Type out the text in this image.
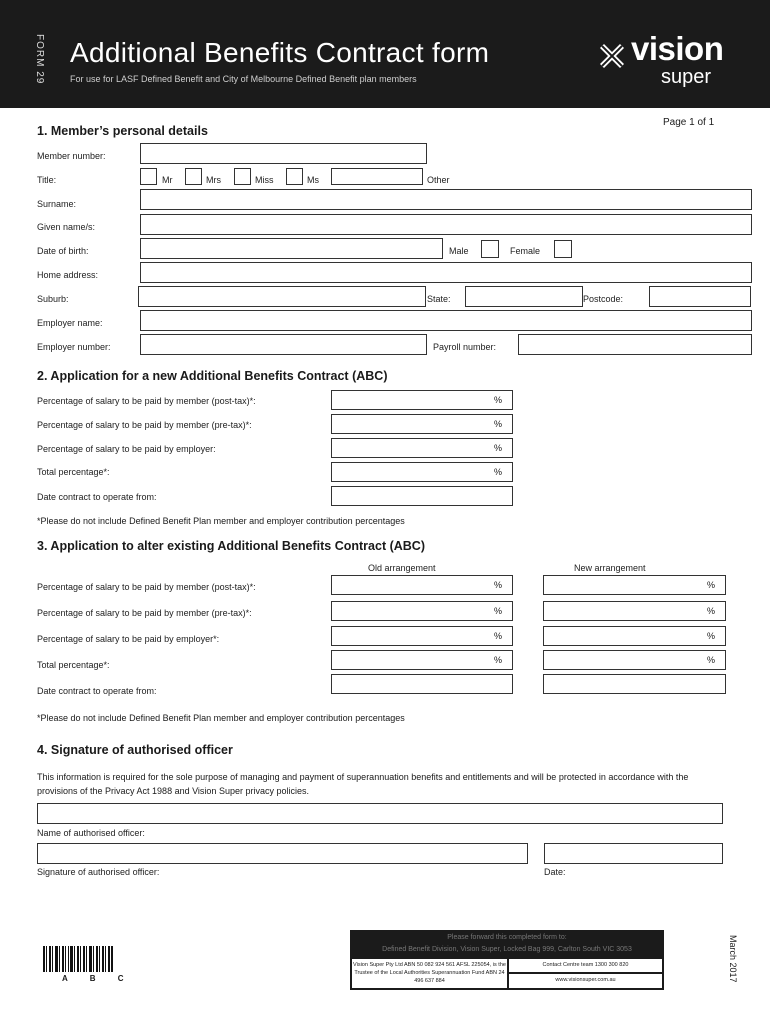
FORM 29 Additional Benefits Contract form
For use for LASF Defined Benefit and City of Melbourne Defined Benefit plan members
vision
super
Page 1 of 1
1. Member’s personal details
Member number:
Title:	Mr	Mrs	Miss	Ms	Other
Surname:
Given name/s:
Date of birth:	Male	Female
Home address:
Suburb:	State:	Postcode:
Employer name:
Employer number:	Payroll number:
2. Application for a new Additional Benefits Contract (ABC)
Percentage of salary to be paid by member (post-tax)*:	%
Percentage of salary to be paid by member (pre-tax)*:	%
Percentage of salary to be paid by employer:	%
Total percentage*:	%
Date contract to operate from:
*Please do not include Defined Benefit Plan member and employer contribution percentages
3. Application to alter existing Additional Benefits Contract (ABC)
Old arrangement	New arrangement
Percentage of salary to be paid by member (post-tax)*:	%	%
Percentage of salary to be paid by member (pre-tax)*:	%	%
Percentage of salary to be paid by employer*:	%	%
Total percentage*:	%	%
Date contract to operate from:
*Please do not include Defined Benefit Plan member and employer contribution percentages
4. Signature of authorised officer
This information is required for the sole purpose of managing and payment of superannuation benefits and entitlements and will be protected in accordance with the provisions of the Privacy Act 1988 and Vision Super privacy policies.
Name of authorised officer:
Signature of authorised officer:	Date:
A B C
Please forward this completed form to:
Defined Benefit Division, Vision Super, Locked Bag 999, Carlton South VIC 3053
Vision Super Pty Ltd ABN 50 082 924 561 AFSL 225054, is the Trustee of the Local Authorities Superannuation Fund ABN 24 496 637 884
Contact Centre team 1300 300 820
www.visionsuper.com.au	March 2017
